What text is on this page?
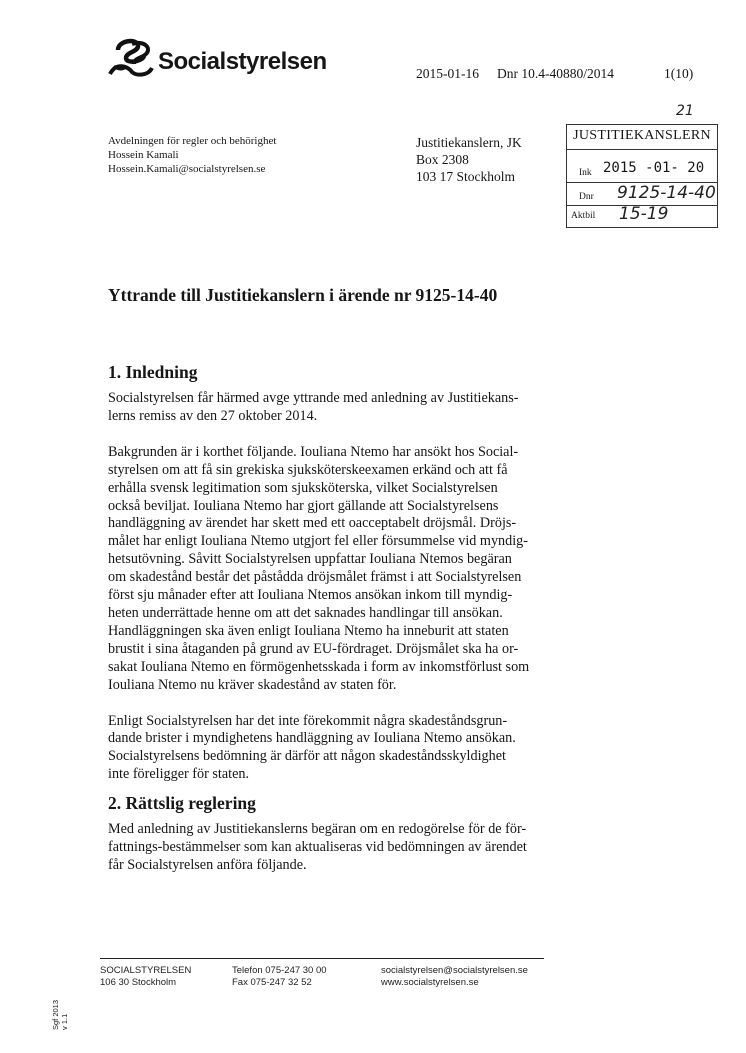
Socialstyrelsen	2015-01-16 Dnr 10.4-40880/2014	1(10)
Avdelningen för regler och behörighet
Hossein Kamali
Hossein.Kamali@socialstyrelsen.se
Justitiekanslern, JK
Box 2308
103 17 Stockholm
21
JUSTITIEKANSLERN
Ink 2015 -01- 20
Dnr 9125-14-40
Aktbil 15-19
Yttrande till Justitiekanslern i ärende nr 9125-14-40
1. Inledning

Socialstyrelsen får härmed avge yttrande med anledning av Justitiekans-
lerns remiss av den 27 oktober 2014.

Bakgrunden är i korthet följande. Iouliana Ntemo har ansökt hos Social-
styrelsen om att få sin grekiska sjuksköterskeexamen erkänd och att få
erhålla svensk legitimation som sjuksköterska, vilket Socialstyrelsen
också beviljat. Iouliana Ntemo har gjort gällande att Socialstyrelsens
handläggning av ärendet har skett med ett oacceptabelt dröjsmål. Dröjs-
målet har enligt Iouliana Ntemo utgjort fel eller försummelse vid myndig-
hetsutövning. Såvitt Socialstyrelsen uppfattar Iouliana Ntemos begäran
om skadestånd består det påstådda dröjsmålet främst i att Socialstyrelsen
först sju månader efter att Iouliana Ntemos ansökan inkom till myndig-
heten underrättade henne om att det saknades handlingar till ansökan.
Handläggningen ska även enligt Iouliana Ntemo ha inneburit att staten
brustit i sina åtaganden på grund av EU-fördraget. Dröjsmålet ska ha or-
sakat Iouliana Ntemo en förmögenhetsskada i form av inkomstförlust som
Iouliana Ntemo nu kräver skadestånd av staten för.

Enligt Socialstyrelsen har det inte förekommit några skadeståndsgrun-
dande brister i myndighetens handläggning av Iouliana Ntemo ansökan.
Socialstyrelsens bedömning är därför att någon skadeståndsskyldighet
inte föreligger för staten.

2. Rättslig reglering

Med anledning av Justitiekanslerns begäran om en redogörelse för de för-
fattnings-bestämmelser som kan aktualiseras vid bedömningen av ärendet
får Socialstyrelsen anföra följande.

SOCIALSTYRELSEN
106 30 Stockholm
Telefon 075-247 30 00
Fax 075-247 32 52
socialstyrelsen@socialstyrelsen.se
www.socialstyrelsen.se
Sgf 2013 v 1.1
